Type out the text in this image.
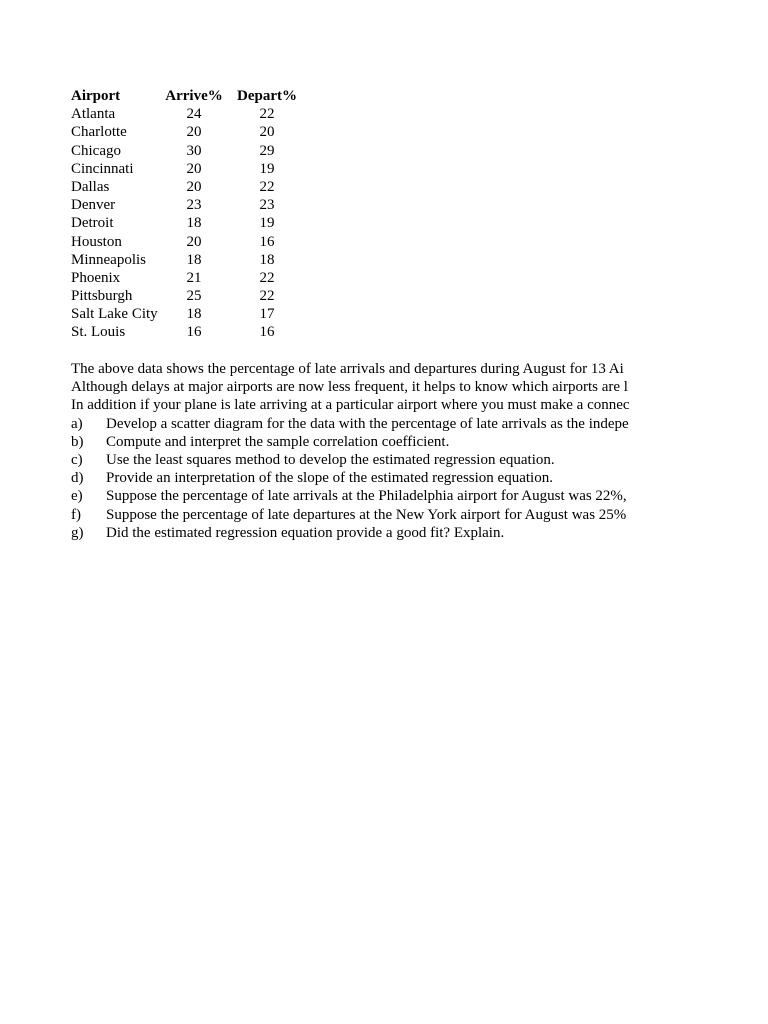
Airport	Arrive% Depart%
Atlanta	24	22
Charlotte	20	20
Chicago	30	29
Cincinnati	20	19
Dallas	20	22
Denver	23	23
Detroit	18	19
Houston	20	16
Minneapolis	18	18
Phoenix	21	22
Pittsburgh	25	22
Salt Lake City	18	17
St. Louis	16	16
The above data shows the percentage of late arrivals and departures during August for 13 Ai
Although delays at major airports are now less frequent, it helps to know which airports are l
In addition if your plane is late arriving at a particular airport where you must make a connec
a)	Develop a scatter diagram for the data with the percentage of late arrivals as the indepe
b)	Compute and interpret the sample correlation coefficient.
c)	Use the least squares method to develop the estimated regression equation.
d)	Provide an interpretation of the slope of the estimated regression equation.
e)	Suppose the percentage of late arrivals at the Philadelphia airport for August was 22%,
f)	Suppose the percentage of late departures at the New York airport for August was 25%
g)	Did the estimated regression equation provide a good fit? Explain.
